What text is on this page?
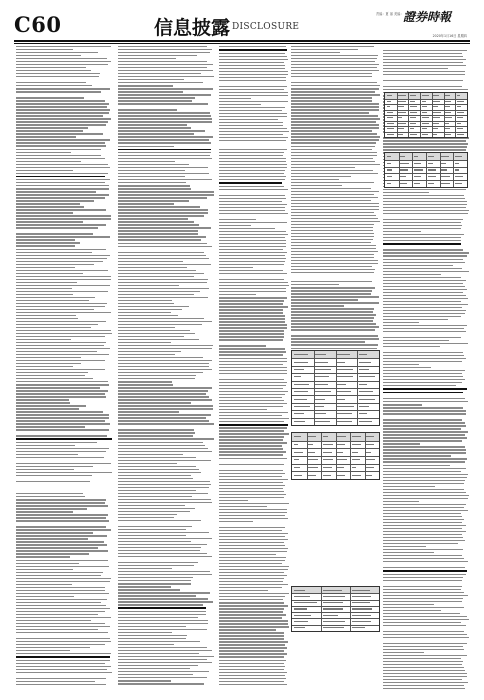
C60	信息披露 DISCLOSURE
责编：夏 丽 美编： 證券時報
2020年1月16日 星期四
